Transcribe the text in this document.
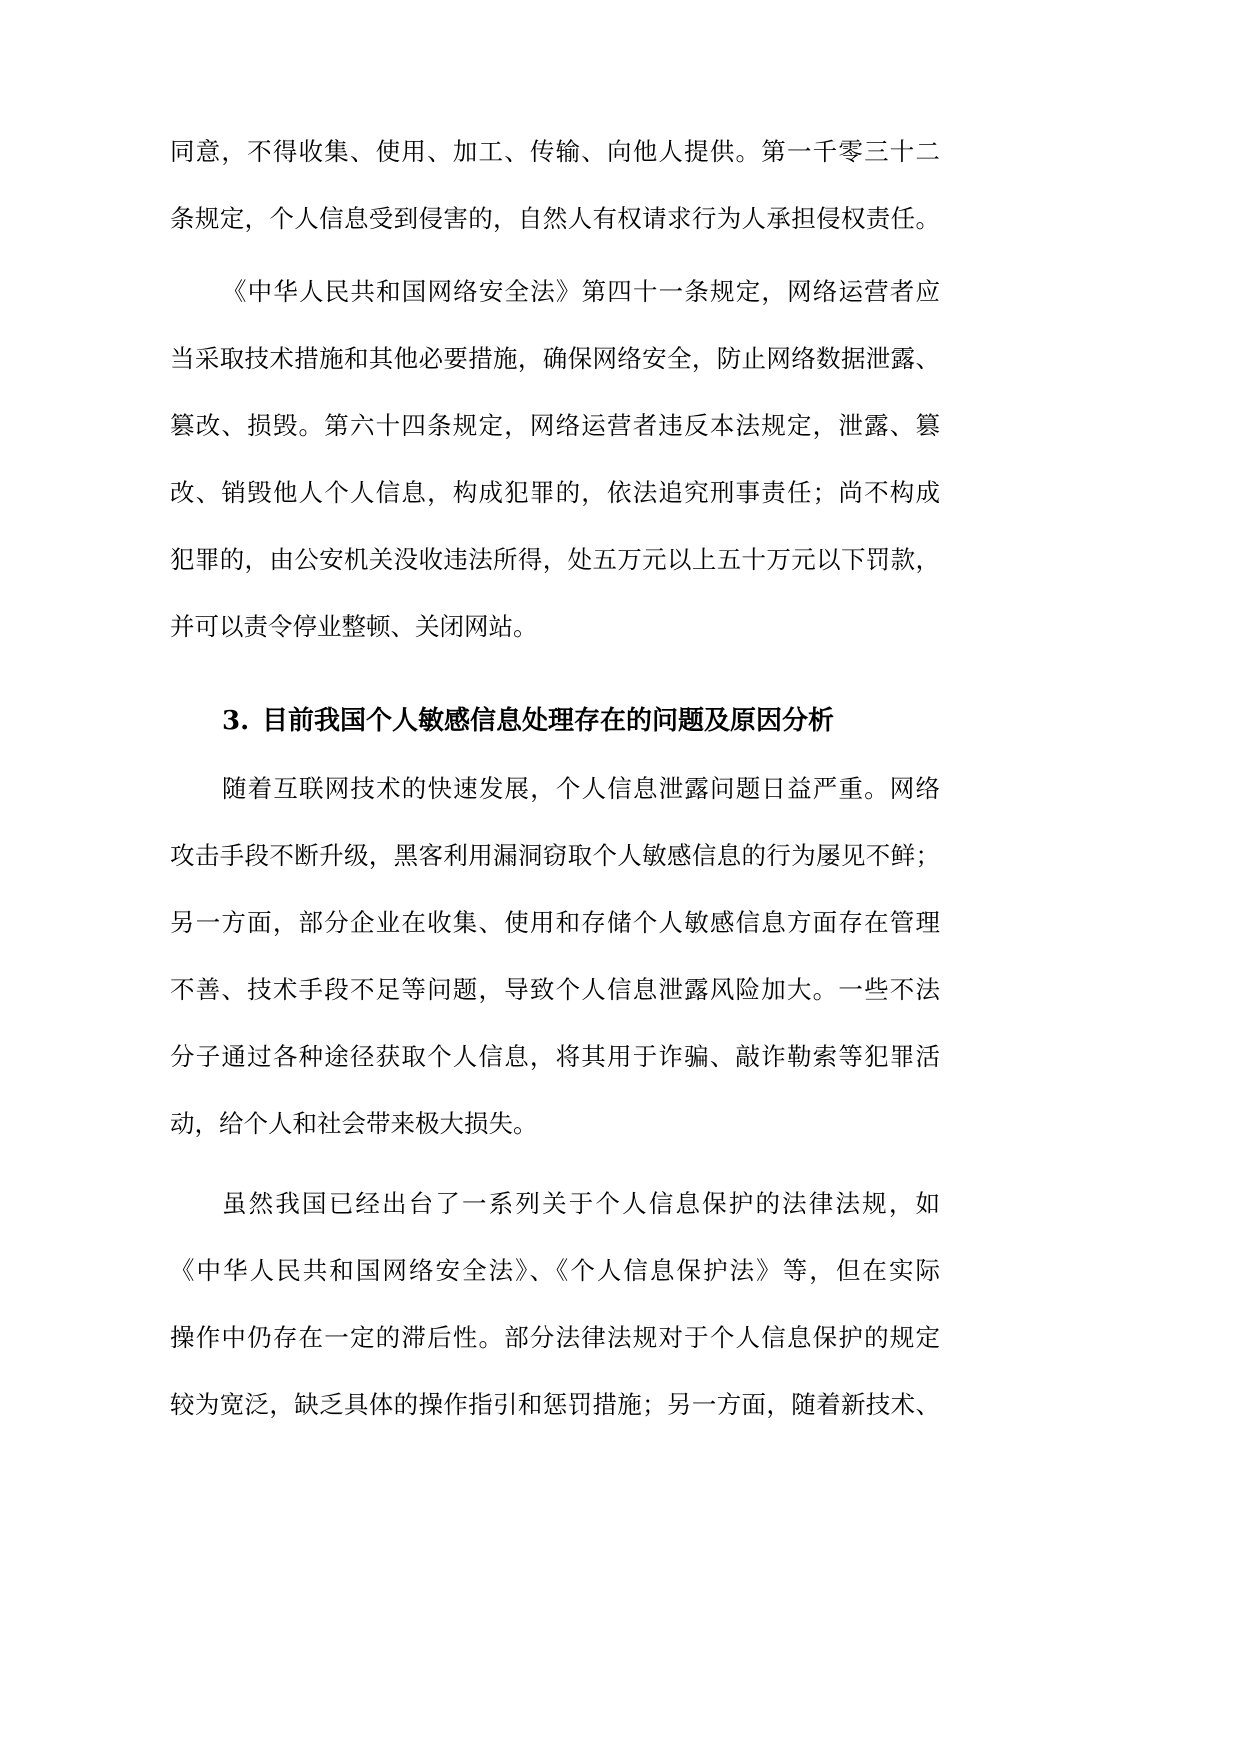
同意，不得收集、使用、加工、传输、向他人提供。第一千零三十二
条规定，个人信息受到侵害的，自然人有权请求行为人承担侵权责任。
《中华人民共和国网络安全法》第四十一条规定，网络运营者应
当采取技术措施和其他必要措施，确保网络安全，防止网络数据泄露、
篡改、损毁。第六十四条规定，网络运营者违反本法规定，泄露、篡
改、销毁他人个人信息，构成犯罪的，依法追究刑事责任；尚不构成
犯罪的，由公安机关没收违法所得，处五万元以上五十万元以下罚款，
并可以责令停业整顿、关闭网站。
3. 目前我国个人敏感信息处理存在的问题及原因分析
随着互联网技术的快速发展，个人信息泄露问题日益严重。网络
攻击手段不断升级，黑客利用漏洞窃取个人敏感信息的行为屡见不鲜；
另一方面，部分企业在收集、使用和存储个人敏感信息方面存在管理
不善、技术手段不足等问题，导致个人信息泄露风险加大。一些不法
分子通过各种途径获取个人信息，将其用于诈骗、敲诈勒索等犯罪活
动，给个人和社会带来极大损失。
虽然我国已经出台了一系列关于个人信息保护的法律法规，如
《中华人民共和国网络安全法》、《个人信息保护法》等，但在实际
操作中仍存在一定的滞后性。部分法律法规对于个人信息保护的规定
较为宽泛，缺乏具体的操作指引和惩罚措施；另一方面，随着新技术、
